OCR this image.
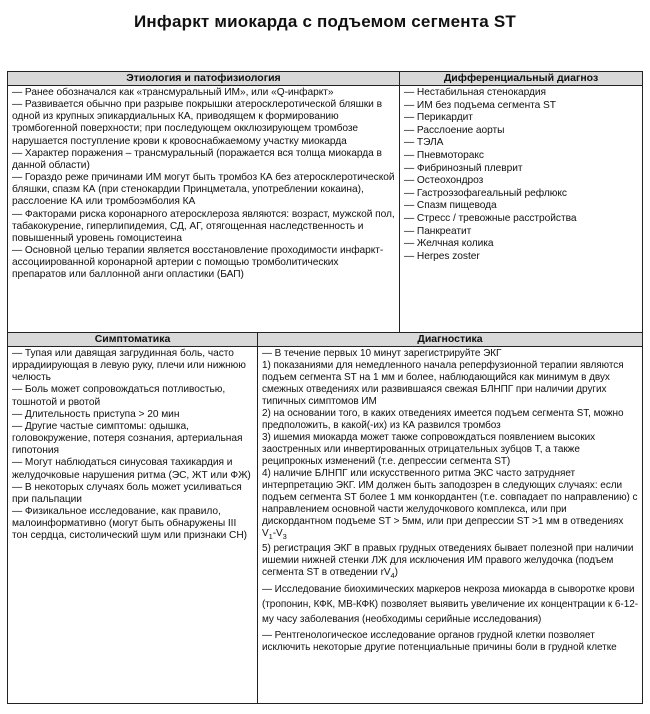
Инфаркт миокарда с подъемом сегмента ST
Этиология и патофизиология

— Ранее обозначался как «трансмуральный ИМ», или «Q-инфаркт»

— Развивается обычно при разрыве покрышки атеросклеротической бляшки в одной из крупных эпикардиальных КА, приводящем к формированию тромбогенной поверхности; при последующем окклюзирующем тромбозе нарушается поступление крови к кровоснабжаемому участку миокарда

— Характер поражения – трансмуральный (поражается вся толща миокарда в данной области)

— Гораздо реже причинами ИМ могут быть тромбоз КА без атеросклеротической бляшки, спазм КА (при стенокардии Принцметала, употреблении кокаина), расслоение КА или тромбоэмболия КА

— Факторами риска коронарного атеросклероза являются: возраст, мужской пол, табакокурение, гиперлипидемия, СД, АГ, отягощенная наследственность и повышенный уровень гомоцистеина

— Основной целью терапии является восстановление проходимости инфаркт-ассоциированной коронарной артерии с помощью тромболитических препаратов или баллонной анги опластики (БАП)

Дифференциальный диагноз

— Нестабильная стенокардия

— ИМ без подъема сегмента ST

— Перикардит

— Расслоение аорты

— ТЭЛА

— Пневмоторакс

— Фибринозный плеврит

— Остеохондроз

— Гастроэзофагеальный рефлюкс

— Спазм пищевода

— Стресс / тревожные расстройства

— Панкреатит

— Желчная колика

— Herpes zoster

Симптоматика

— Тупая или давящая загрудинная боль, часто иррадиирующая в левую руку, плечи или нижнюю челюсть

— Боль может сопровождаться потливостью, тошнотой и рвотой

— Длительность приступа > 20 мин

— Другие частые симптомы: одышка, головокружение, потеря сознания, артериальная гипотония

— Могут наблюдаться синусовая тахикардия и желудочковые нарушения ритма (ЭС, ЖТ или ФЖ)

— В некоторых случаях боль может усиливаться при пальпации

— Физикальное исследование, как правило, малоинформативно (могут быть обнаружены III тон сердца, систолический шум или признаки СН)

Диагностика

— В течение первых 10 минут зарегистрируйте ЭКГ

1) показаниями для немедленного начала реперфузионной терапии являются подъем сегмента ST на 1 мм и более, наблюдающийся как минимум в двух смежных отведениях или развившаяся свежая БЛНПГ при наличии других типичных симптомов ИМ

2) на основании того, в каких отведениях имеется подъем сегмента ST, можно предположить, в какой(-их) из КА развился тромбоз

3) ишемия миокарда может также сопровождаться появлением высоких заостренных или инвертированных отрицательных зубцов T, а также реципрокных изменений (т.е. депрессии сегмента ST)

4) наличие БЛНПГ или искусственного ритма ЭКС часто затрудняет интерпретацию ЭКГ. ИМ должен быть заподозрен в следующих случаях: если подъем сегмента ST более 1 мм конкордантен (т.е. совпадает по направлению) с направлением основной части желудочкового комплекса, или при дискордантном подъеме ST > 5мм, или при депрессии ST >1 мм в отведениях $V_1-V_3$

5) регистрация ЭКГ в правых грудных отведениях бывает полезной при наличии ишемии нижней стенки ЛЖ для исключения ИМ правого желудочка (подъем сегмента ST в отведении $rV_4$)

— Исследование биохимических маркеров некроза миокарда в сыворотке крови (тропонин, КФК, MB-КФК) позволяет выявить увеличение их концентрации к 6-12-му часу заболевания (необходимы серийные исследования)

— Рентгенологическое исследование органов грудной клетки позволяет исключить некоторые другие потенциальные причины боли в грудной клетке
